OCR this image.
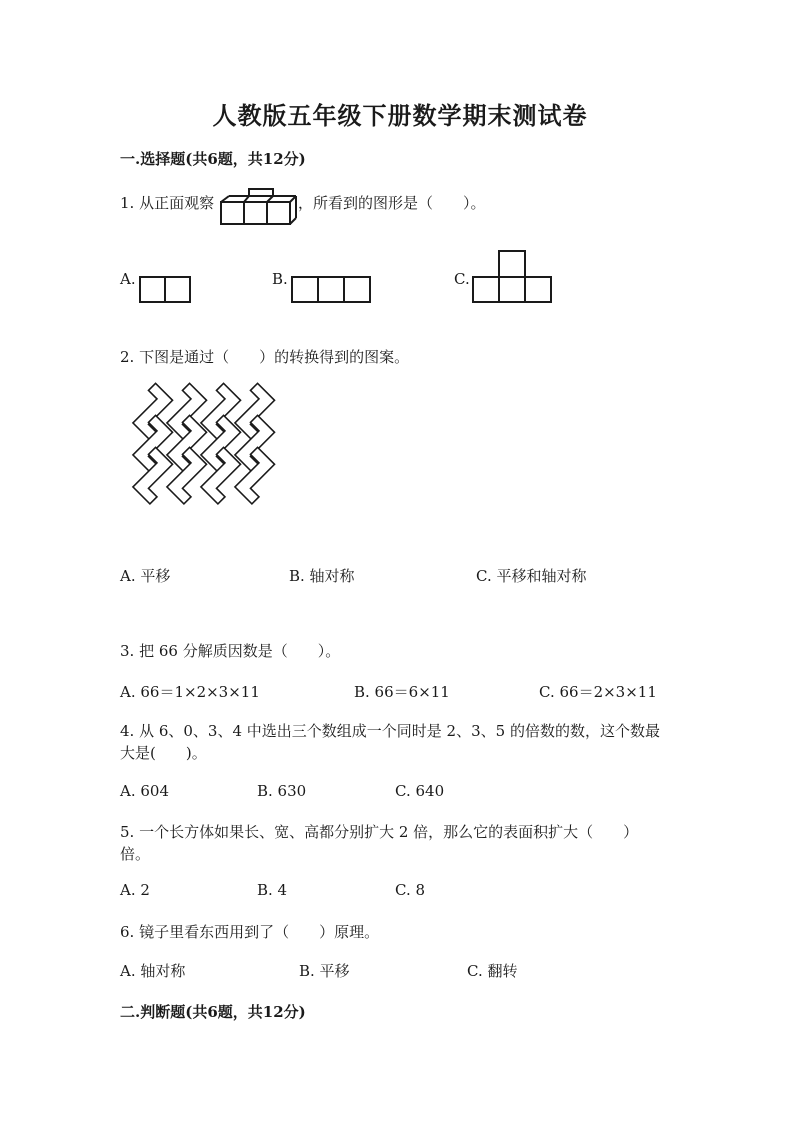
人教版五年级下册数学期末测试卷
一.选择题(共6题，共12分)
1. 从正面观察	，所看到的图形是（　　）。
A.	B.	C.
2. 下图是通过（　　）的转换得到的图案。
A. 平移	B. 轴对称	C. 平移和轴对称
3. 把 66 分解质因数是（　　）。
A. 66＝1×2×3×11	B. 66＝6×11	C. 66＝2×3×11
4. 从 6、0、3、4 中选出三个数组成一个同时是 2、3、5 的倍数的数，这个数最
大是(　　)。
A. 604	B. 630	C. 640
5. 一个长方体如果长、宽、高都分别扩大 2 倍，那么它的表面积扩大（　　）
倍。
A. 2	B. 4	C. 8
6. 镜子里看东西用到了（　　）原理。
A. 轴对称	B. 平移	C. 翻转
二.判断题(共6题，共12分)
